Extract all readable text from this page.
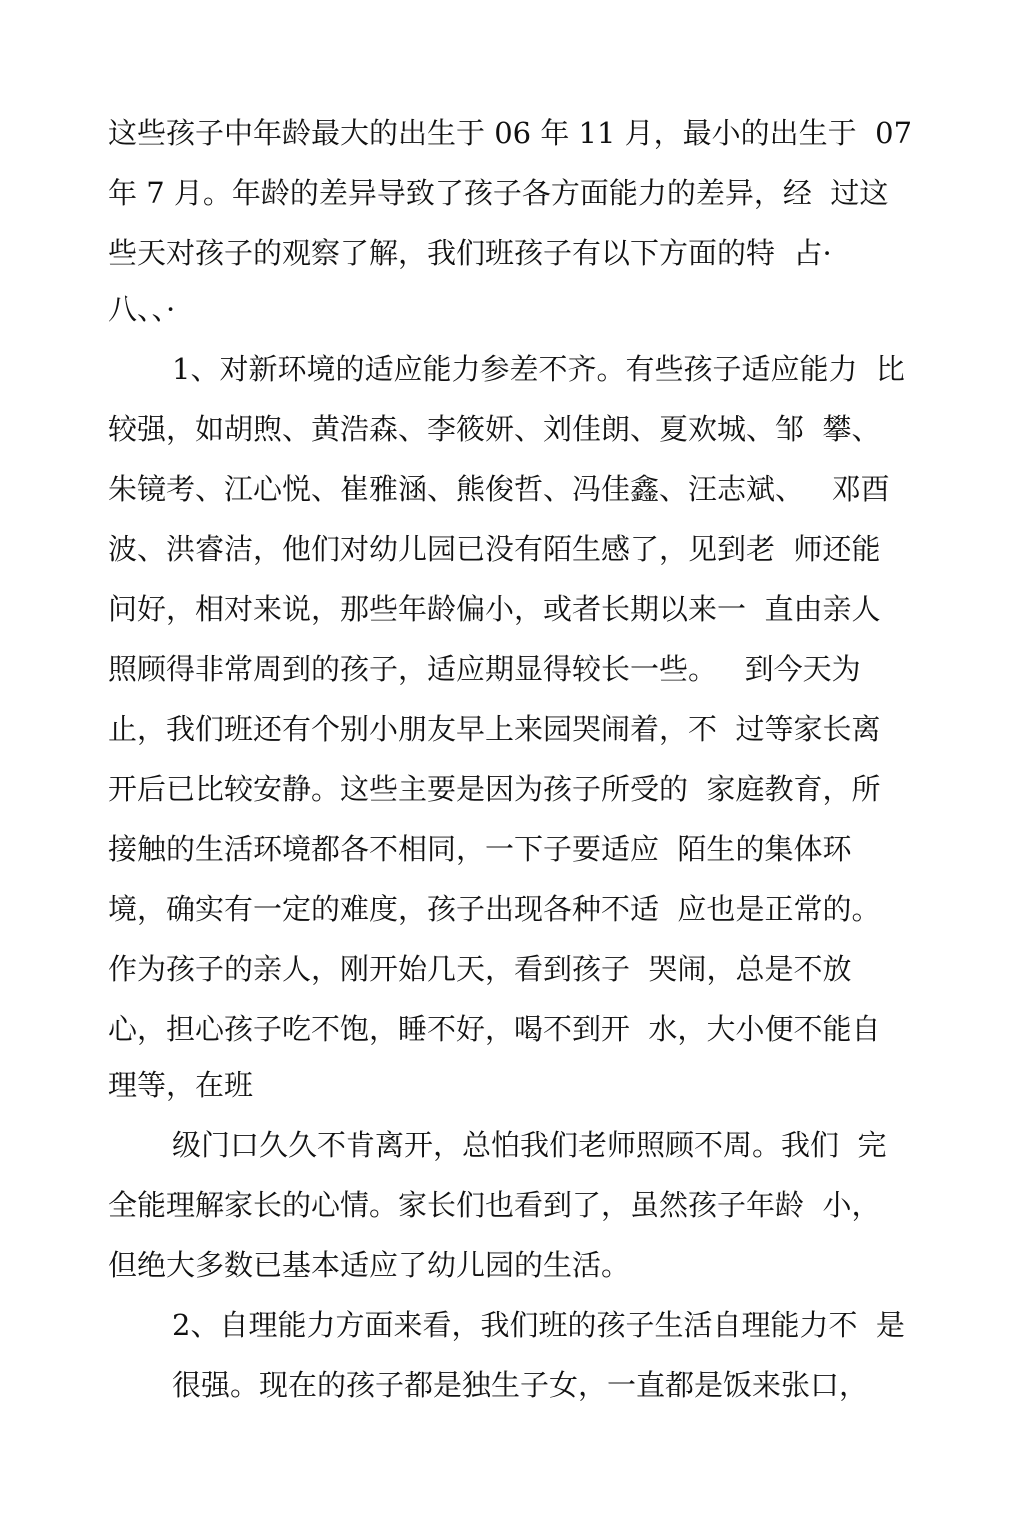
这些孩子中年龄最大的出生于 06 年 11 月，最小的出生于  07
年 7 月。年龄的差异导致了孩子各方面能力的差异，经  过这
些天对孩子的观察了解，我们班孩子有以下方面的特  占·
八、、·
1、对新环境的适应能力参差不齐。有些孩子适应能力  比
较强，如胡煦、黄浩森、李筱妍、刘佳朗、夏欢城、邹  攀、
朱镜考、江心悦、崔雅涵、熊俊哲、冯佳鑫、汪志斌、   邓酉
波、洪睿洁，他们对幼儿园已没有陌生感了，见到老  师还能
问好，相对来说，那些年龄偏小，或者长期以来一  直由亲人
照顾得非常周到的孩子，适应期显得较长一些。   到今天为
止，我们班还有个别小朋友早上来园哭闹着，不  过等家长离
开后已比较安静。这些主要是因为孩子所受的  家庭教育，所
接触的生活环境都各不相同，一下子要适应  陌生的集体环
境，确实有一定的难度，孩子出现各种不适  应也是正常的。
作为孩子的亲人，刚开始几天，看到孩子  哭闹，总是不放
心，担心孩子吃不饱，睡不好，喝不到开  水，大小便不能自
理等，在班
级门口久久不肯离开，总怕我们老师照顾不周。我们  完
全能理解家长的心情。家长们也看到了，虽然孩子年龄  小，
但绝大多数已基本适应了幼儿园的生活。
2、自理能力方面来看，我们班的孩子生活自理能力不  是
很强。现在的孩子都是独生子女，一直都是饭来张口，
